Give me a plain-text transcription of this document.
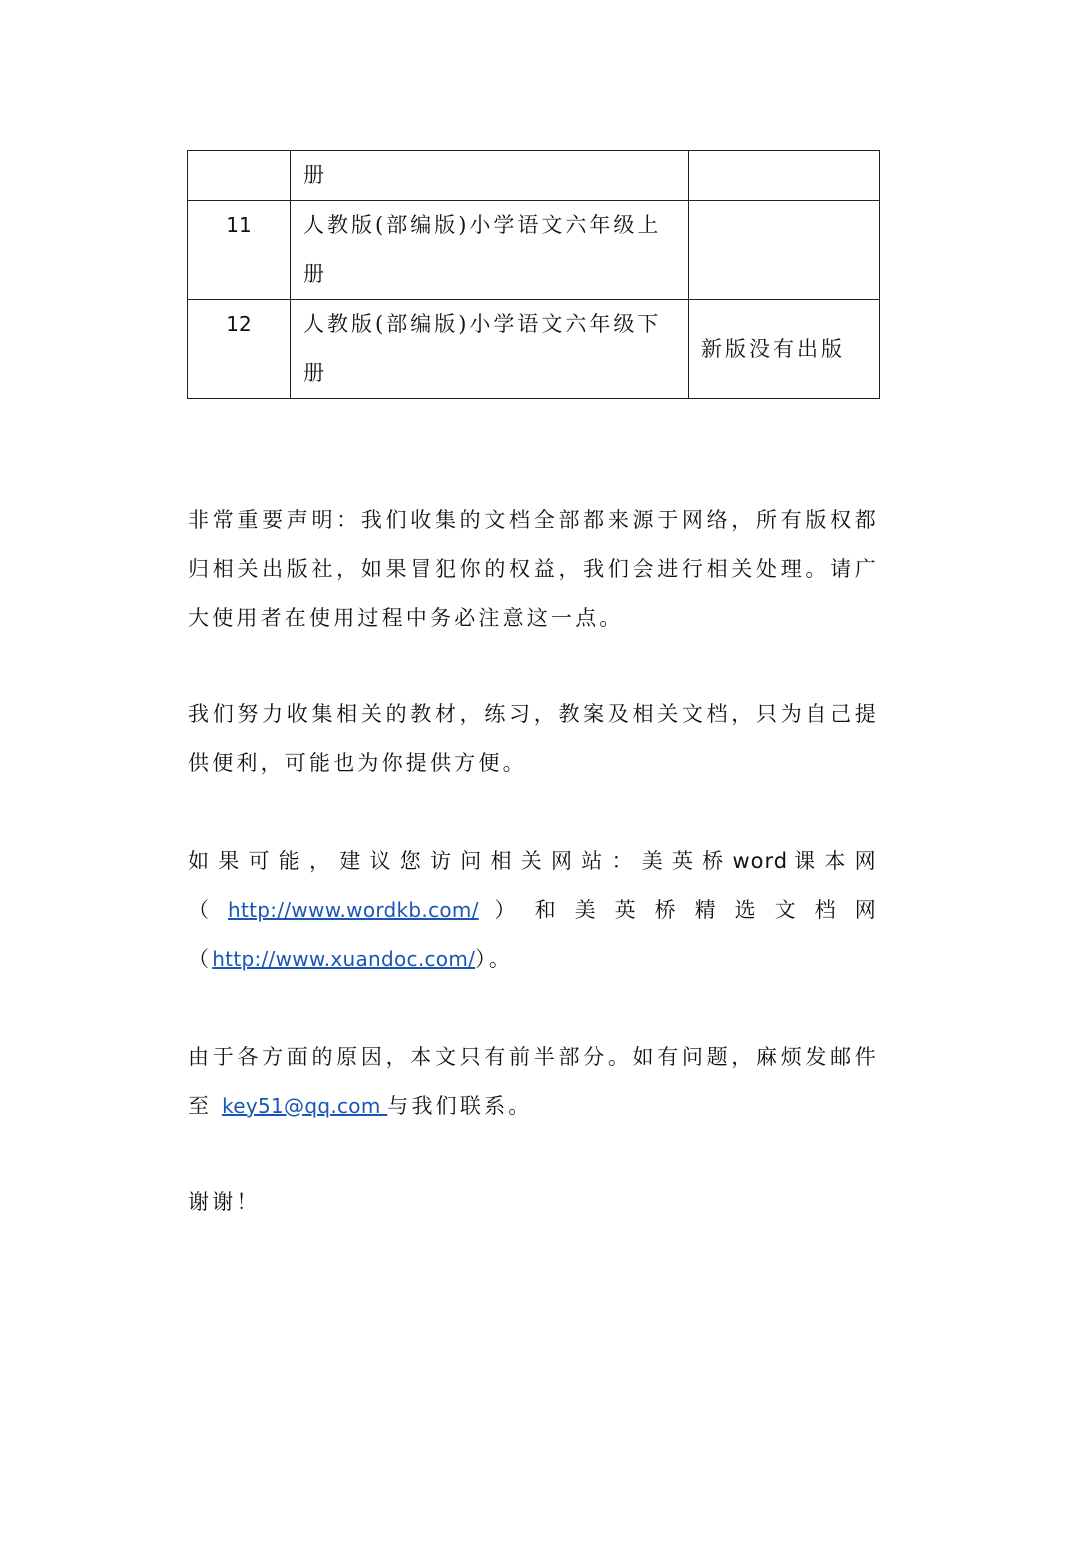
	册	
11	人教版(部编版)小学语文六年级上册	
12	人教版(部编版)小学语文六年级下册	新版没有出版

非常重要声明：我们收集的文档全部都来源于网络，所有版权都归相关出版社，如果冒犯你的权益，我们会进行相关处理。请广大使用者在使用过程中务必注意这一点。

我们努力收集相关的教材，练习，教案及相关文档，只为自己提供便利，可能也为你提供方便。

如 果 可 能 ， 建 议 您 访 问 相 关 网 站 ： 美 英 桥 word 课 本 网
（ http://www.wordkb.com/ ） 和 美 英 桥 精 选 文 档 网
（http://www.xuandoc.com/）。

由于各方面的原因，本文只有前半部分。如有问题，麻烦发邮件至 key51@qq.com 与我们联系。

谢谢！
